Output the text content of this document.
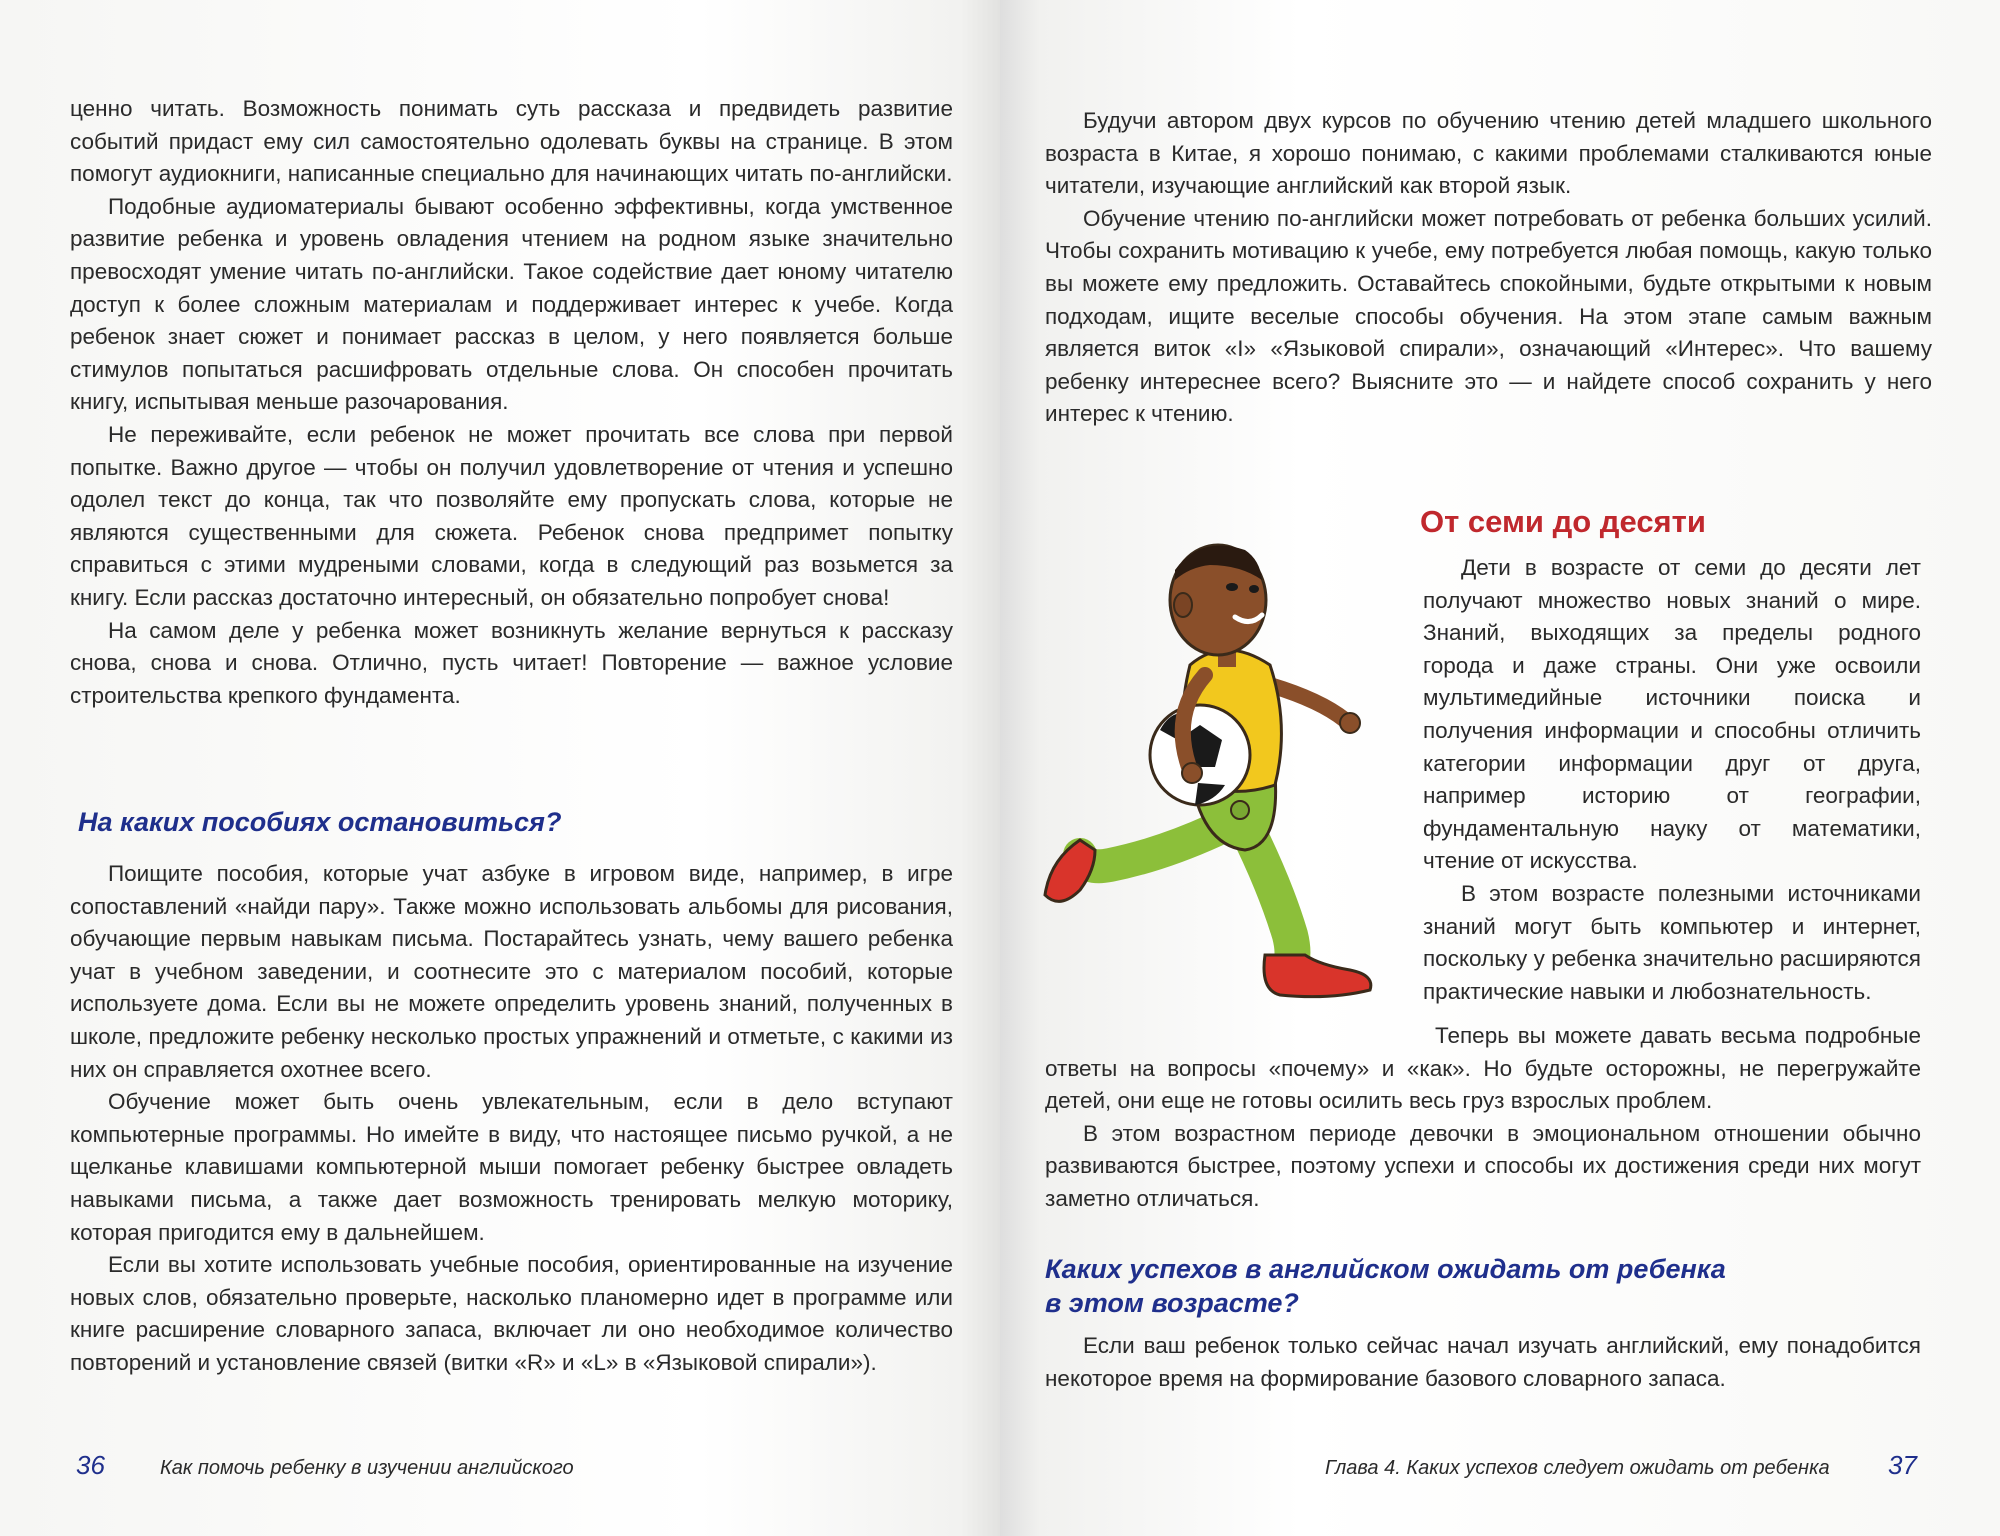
ценно читать. Возможность понимать суть рассказа и предвидеть развитие событий придаст ему сил самостоятельно одолевать буквы на странице. В этом помогут аудиокниги, написанные специально для начинающих читать по-английски.

Подобные аудиоматериалы бывают особенно эффективны, когда умственное развитие ребенка и уровень овладения чтением на родном языке значительно превосходят умение читать по-английски. Такое содействие дает юному читателю доступ к более сложным материалам и поддерживает интерес к учебе. Когда ребенок знает сюжет и понимает рассказ в целом, у него появляется больше стимулов попытаться расшифровать отдельные слова. Он способен прочитать книгу, испытывая меньше разочарования.

Не переживайте, если ребенок не может прочитать все слова при первой попытке. Важно другое — чтобы он получил удовлетворение от чтения и успешно одолел текст до конца, так что позволяйте ему пропускать слова, которые не являются существенными для сюжета. Ребенок снова предпримет попытку справиться с этими мудреными словами, когда в следующий раз возьмется за книгу. Если рассказ достаточно интересный, он обязательно попробует снова!

На самом деле у ребенка может возникнуть желание вернуться к рассказу снова, снова и снова. Отлично, пусть читает! Повторение — важное условие строительства крепкого фундамента.

На каких пособиях остановиться?

Поищите пособия, которые учат азбуке в игровом виде, например, в игре сопоставлений «найди пару». Также можно использовать альбомы для рисования, обучающие первым навыкам письма. Постарайтесь узнать, чему вашего ребенка учат в учебном заведении, и соотнесите это с материалом пособий, которые используете дома. Если вы не можете определить уровень знаний, полученных в школе, предложите ребенку несколько простых упражнений и отметьте, с какими из них он справляется охотнее всего.

Обучение может быть очень увлекательным, если в дело вступают компьютерные программы. Но имейте в виду, что настоящее письмо ручкой, а не щелканье клавишами компьютерной мыши помогает ребенку быстрее овладеть навыками письма, а также дает возможность тренировать мелкую моторику, которая пригодится ему в дальнейшем.

Если вы хотите использовать учебные пособия, ориентированные на изучение новых слов, обязательно проверьте, насколько планомерно идет в программе или книге расширение словарного запаса, включает ли оно необходимое количество повторений и установление связей (витки «R» и «L» в «Языковой спирали»).

36	Как помочь ребенку в изучении английского

Будучи автором двух курсов по обучению чтению детей младшего школьного возраста в Китае, я хорошо понимаю, с какими проблемами сталкиваются юные читатели, изучающие английский как второй язык.

Обучение чтению по-английски может потребовать от ребенка больших усилий. Чтобы сохранить мотивацию к учебе, ему потребуется любая помощь, какую только вы можете ему предложить. Оставайтесь спокойными, будьте открытыми к новым подходам, ищите веселые способы обучения. На этом этапе самым важным является виток «I» «Языковой спирали», означающий «Интерес». Что вашему ребенку интереснее всего? Выясните это — и найдете способ сохранить у него интерес к чтению.

От семи до десяти

Дети в возрасте от семи до десяти лет получают множество новых знаний о мире. Знаний, выходящих за пределы родного города и даже страны. Они уже освоили мультимедийные источники поиска и получения информации и способны отличить категории информации друг от друга, например историю от географии, фундаментальную науку от математики, чтение от искусства.

В этом возрасте полезными источниками знаний могут быть компьютер и интернет, поскольку у ребенка значительно расширяются практические навыки и любознательность.

Теперь вы можете давать весьма подробные ответы на вопросы «почему» и «как». Но будьте осторожны, не перегружайте детей, они еще не готовы осилить весь груз взрослых проблем.

В этом возрастном периоде девочки в эмоциональном отношении обычно развиваются быстрее, поэтому успехи и способы их достижения среди них могут заметно отличаться.

Каких успехов в английском ожидать от ребенка
в этом возрасте?

Если ваш ребенок только сейчас начал изучать английский, ему понадобится некоторое время на формирование базового словарного запаса.

Глава 4. Каких успехов следует ожидать от ребенка 37
